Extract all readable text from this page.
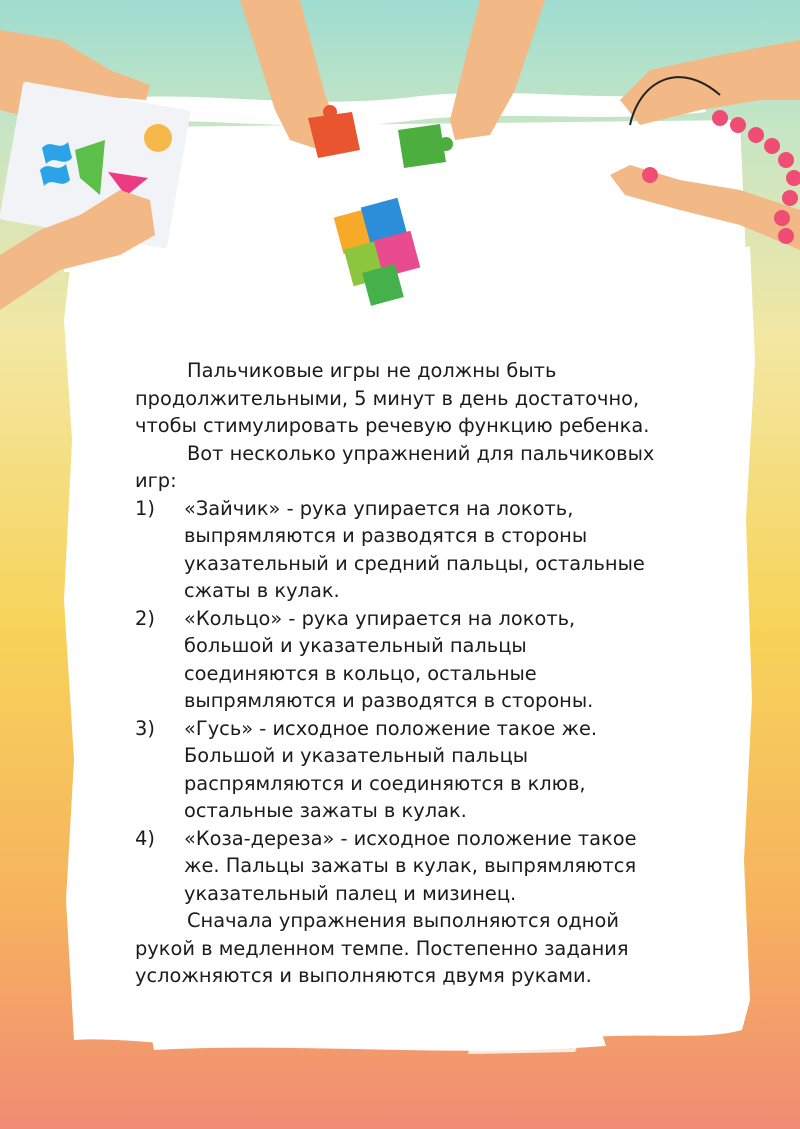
Пальчиковые игры не должны быть продолжительными, 5 минут в день достаточно, чтобы стимулировать речевую функцию ребенка.

Вот несколько упражнений для пальчиковых игр:

1)	«Зайчик» - рука упирается на локоть, выпрямляются и разводятся в стороны указательный и средний пальцы, остальные сжаты в кулак.
2)	«Кольцо» - рука упирается на локоть, большой и указательный пальцы соединяются в кольцо, остальные выпрямляются и разводятся в стороны.
3)	«Гусь» - исходное положение такое же. Большой и указательный пальцы распрямляются и соединяются в клюв, остальные зажаты в кулак.
4)	«Коза-дереза» - исходное положение такое же. Пальцы зажаты в кулак, выпрямляются указательный палец и мизинец.

Сначала упражнения выполняются одной рукой в медленном темпе. Постепенно задания усложняются и выполняются двумя руками.
